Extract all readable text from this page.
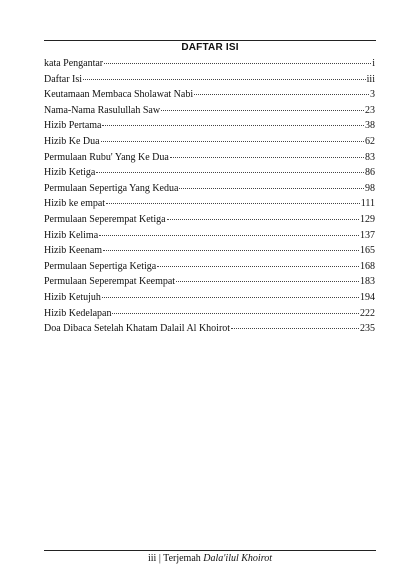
DAFTAR ISI
kata Pengantar	i
Daftar Isi	iii
Keutamaan Membaca Sholawat Nabi	3
Nama-Nama Rasulullah Saw	23
Hizib Pertama	38
Hizib Ke Dua	62
Permulaan Rubu' Yang Ke Dua	83
Hizib Ketiga	86
Permulaan Sepertiga Yang Kedua	98
Hizib ke empat	111
Permulaan Seperempat Ketiga	129
Hizib Kelima	137
Hizib Keenam	165
Permulaan Sepertiga Ketiga	168
Permulaan Seperempat Keempat	183
Hizib Ketujuh	194
Hizib Kedelapan	222
Doa Dibaca Setelah Khatam Dalail Al Khoirot	235
iii | Terjemah Dala'ilul Khoirot
